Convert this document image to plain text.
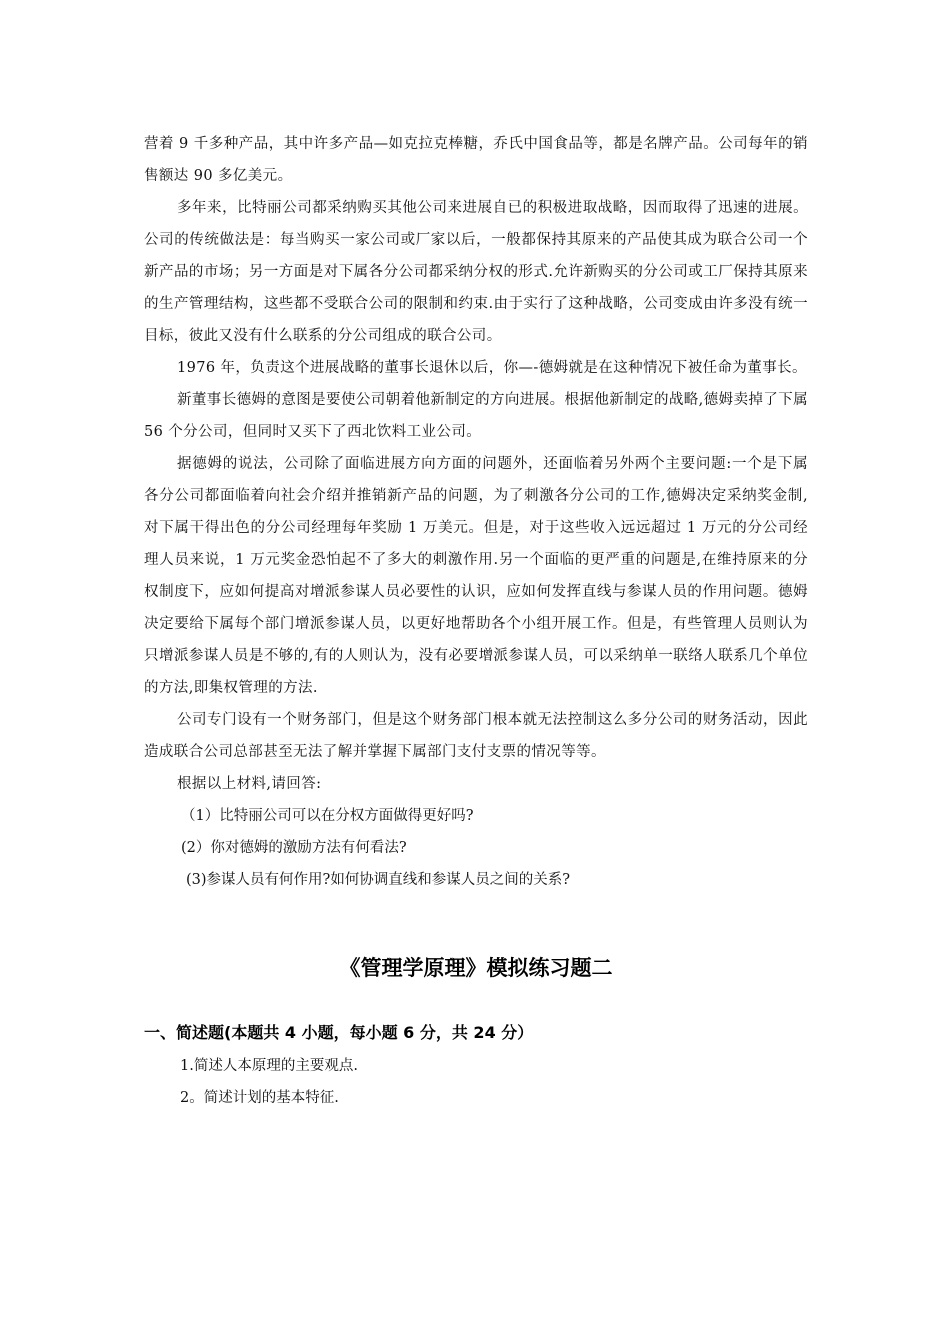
营着 9 千多种产品，其中许多产品—如克拉克棒糖，乔氏中国食品等，都是名牌产品。公司每年的销售额达 90 多亿美元。

多年来，比特丽公司都采纳购买其他公司来进展自已的积极进取战略，因而取得了迅速的进展。公司的传统做法是：每当购买一家公司或厂家以后，一般都保持其原来的产品使其成为联合公司一个新产品的市场；另一方面是对下属各分公司都采纳分权的形式.允许新购买的分公司或工厂保持其原来的生产管理结构，这些都不受联合公司的限制和约束.由于实行了这种战略，公司变成由许多没有统一目标，彼此又没有什么联系的分公司组成的联合公司。

1976 年，负责这个进展战略的董事长退休以后，你—-德姆就是在这种情况下被任命为董事长。

新董事长德姆的意图是要使公司朝着他新制定的方向进展。根据他新制定的战略,德姆卖掉了下属 56 个分公司，但同时又买下了西北饮料工业公司。

据德姆的说法，公司除了面临进展方向方面的问题外，还面临着另外两个主要问题:一个是下属各分公司都面临着向社会介绍并推销新产品的问题，为了刺激各分公司的工作,德姆决定采纳奖金制,对下属干得出色的分公司经理每年奖励 1 万美元。但是，对于这些收入远远超过 1 万元的分公司经理人员来说，1 万元奖金恐怕起不了多大的刺激作用.另一个面临的更严重的问题是,在维持原来的分权制度下，应如何提高对增派参谋人员必要性的认识，应如何发挥直线与参谋人员的作用问题。德姆决定要给下属每个部门增派参谋人员，以更好地帮助各个小组开展工作。但是，有些管理人员则认为只增派参谋人员是不够的,有的人则认为，没有必要增派参谋人员，可以采纳单一联络人联系几个单位的方法,即集权管理的方法.

公司专门设有一个财务部门，但是这个财务部门根本就无法控制这么多分公司的财务活动，因此造成联合公司总部甚至无法了解并掌握下属部门支付支票的情况等等。

根据以上材料,请回答:

（1）比特丽公司可以在分权方面做得更好吗?

(2）你对德姆的激励方法有何看法?

(3)参谋人员有何作用?如何协调直线和参谋人员之间的关系?

《管理学原理》模拟练习题二
一、简述题(本题共 4 小题，每小题 6 分，共 24 分）

1.简述人本原理的主要观点.

2。简述计划的基本特征.
